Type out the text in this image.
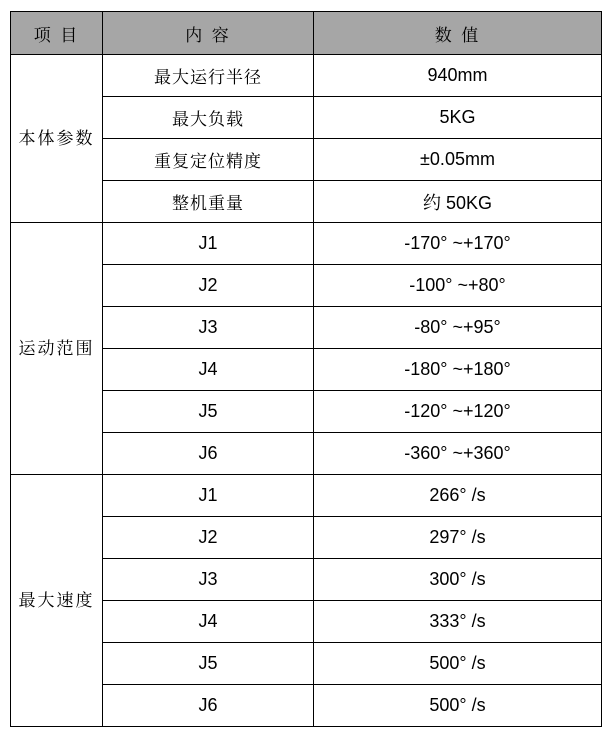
项 目	内 容	数 值
本体参数	最大运行半径	940mm
	最大负载	5KG
	重复定位精度	±0.05mm
	整机重量	约 50KG
运动范围	J1	-170° ~+170°
	J2	-100° ~+80°
	J3	-80° ~+95°
	J4	-180° ~+180°
	J5	-120° ~+120°
	J6	-360° ~+360°
最大速度	J1	266° /s
	J2	297° /s
	J3	300° /s
	J4	333° /s
	J5	500° /s
	J6	500° /s
